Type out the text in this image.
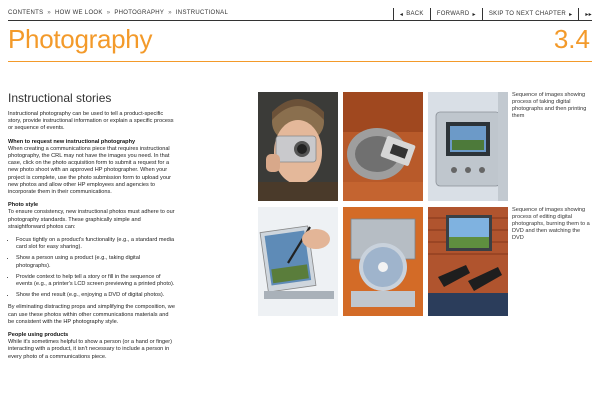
CONTENTS » HOW WE LOOK » PHOTOGRAPHY » INSTRUCTIONAL	◂ BACK FORWARD ▸ SKIP TO NEXT CHAPTER ▸ ▸▸
Photography	3.4
Instructional stories

Instructional photography can be used to tell a product-specific story, provide instructional information or explain a specific process or sequence of events.

When to request new instructional photography
When creating a communications piece that requires instructional photography, the CRL may not have the images you need. In that case, click on the photo acquisition form to submit a request for a new photo shoot with an approved HP photographer. When your project is complete, use the photo submission form to upload your new photos and allow other HP employees and agencies to incorporate them in their communications.

Photo style
To ensure consistency, new instructional photos must adhere to our photography standards. These graphically simple and straightforward photos can:

• Focus tightly on a product's functionality (e.g., a standard media card slot for easy sharing).
• Show a person using a product (e.g., taking digital photographs).
• Provide context to help tell a story or fill in the sequence of events (e.g., a printer's LCD screen previewing a printed photo).
• Show the end result (e.g., enjoying a DVD of digital photos).

By eliminating distracting props and simplifying the composition, we can use these photos within other communications materials and be consistent with the HP photography style.

People using products
While it's sometimes helpful to show a person (or a hand or finger) interacting with a product, it isn't necessary to include a person in every photo of a communications piece.

Sequence of images showing process of taking digital photographs and then printing them
Sequence of images showing process of editing digital photographs, burning them to a DVD and then watching the DVD
